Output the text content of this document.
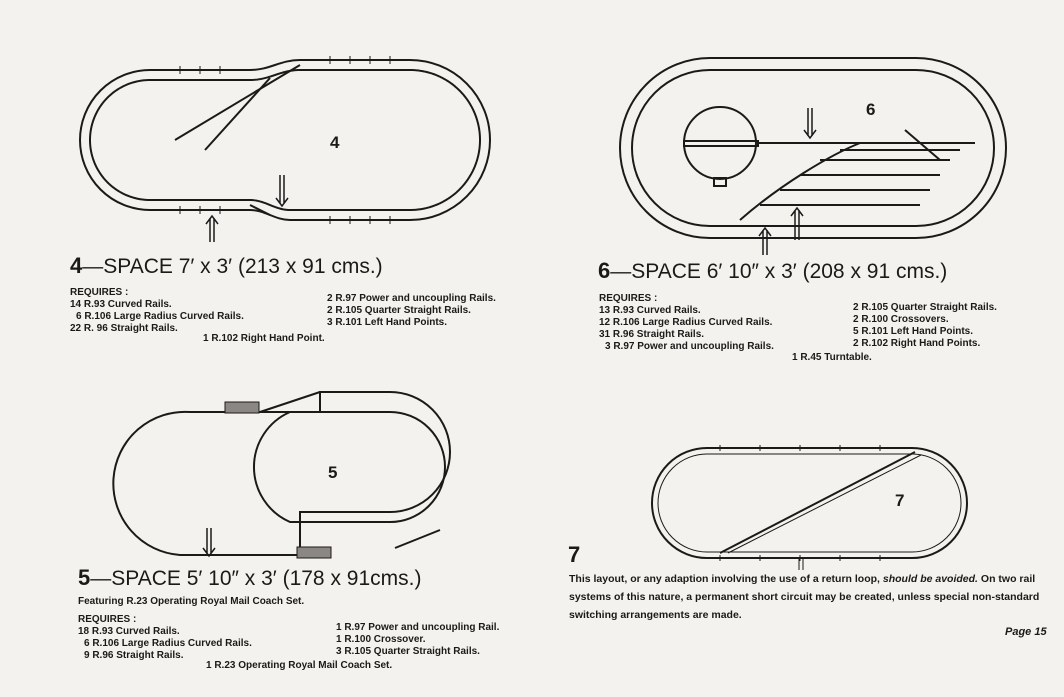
4
4—SPACE 7′ x 3′ (213 x 91 cms.)
REQUIRES :
14 R.93 Curved Rails.
6 R.106 Large Radius Curved Rails.
22 R. 96 Straight Rails.
2 R.97 Power and uncoupling Rails.
2 R.105 Quarter Straight Rails.
3 R.101 Left Hand Points.
1 R.102 Right Hand Point.
6
6—SPACE 6′ 10″ x 3′ (208 x 91 cms.)
REQUIRES :
13 R.93 Curved Rails.
12 R.106 Large Radius Curved Rails.
31 R.96 Straight Rails.
3 R.97 Power and uncoupling Rails.
2 R.105 Quarter Straight Rails.
2 R.100 Crossovers.
5 R.101 Left Hand Points.
2 R.102 Right Hand Points.
1 R.45 Turntable.
5
5—SPACE 5′ 10″ x 3′ (178 x 91cms.)
Featuring R.23 Operating Royal Mail Coach Set.
REQUIRES :
18 R.93 Curved Rails.
6 R.106 Large Radius Curved Rails.
9 R.96 Straight Rails.
1 R.97 Power and uncoupling Rail.
1 R.100 Crossover.
3 R.105 Quarter Straight Rails.
1 R.23 Operating Royal Mail Coach Set.
7
7
This layout, or any adaption involving the use of a return loop, should be avoided. On two rail systems of this nature, a permanent short circuit may be created, unless special non-standard switching arrangements are made.
Page 15
